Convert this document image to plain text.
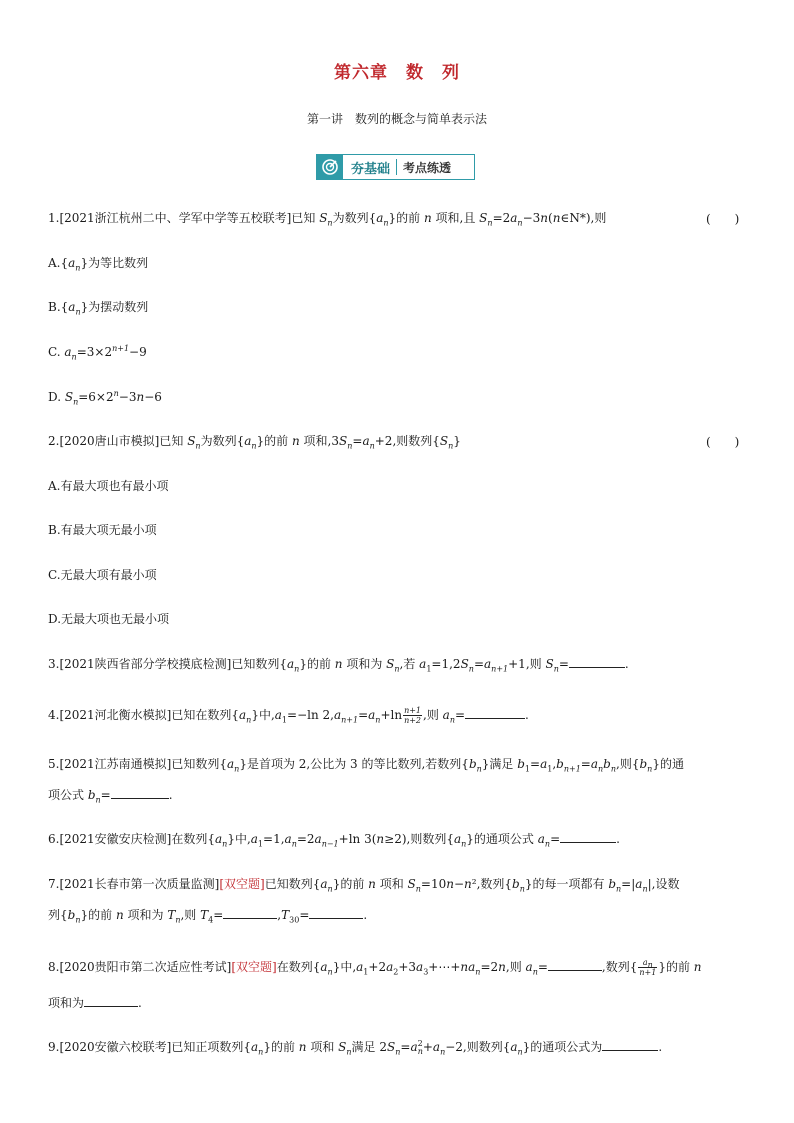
第六章　数　列
第一讲　数列的概念与简单表示法
夯基础	考点练透
1.[2021浙江杭州二中、学军中学等五校联考]已知 $S_n$为数列$\{a_n\}$的前 n 项和,且 $S_n=2a_n-3n(n\in N*)$,则	(　　)
$A.\{a_n\}$为等比数列
$B.\{a_n\}$为摆动数列
C. $a_n=3\times 2^{n+1}-9$
D. $S_n=6\times 2^n-3n-6$
2.[2020唐山市模拟]已知 $S_n$为数列$\{a_n\}$的前 n 项和$,3S_n=a_n+2$,则数列$\{S_n\}$	(　　)
A.有最大项也有最小项
B.有最大项无最小项
C.无最大项有最小项
D.无最大项也无最小项
3.[2021陕西省部分学校摸底检测]已知数列$\{a_n\}$的前 n 项和为 $S_n$,若 $a_1=1,2S_n=a_{n+1}+1$,则 $S_n=$	.
4.[2021河北衡水模拟]已知在数列$\{a_n\}$中$,a_1=-\ln$ $2,a_{n+1}=a_n+\ln \frac{n+1}{n+2}$ ,则 $a_n=$	.
5.[2021江苏南通模拟]已知数列$\{a_n\}$是首项为 2,公比为 3 的等比数列,若数列$\{b_n\}$满足 $b_1=a_1,b_{n+1}=a_nb_n$,则$\{b_n\}$的通
项公式 $b_n=$	.
6.[2021安徽安庆检测]在数列$\{a_n\}$中$,a_1=1,a_n=2a_{n-1}+\ln$ 3(n≥2),则数列$\{a_n\}$的通项公式 $a_n=$	.
7.[2021长春市第一次质量监测][双空题]已知数列$\{a_n\}$的前 n 项和 $S_n=10n-n^2$,数列$\{b_n\}$的每一项都有 $b_n=|a_n|$,设数
列$\{b_n\}$的前 n 项和为 $T_n$,则 $T_4=$	$,T_{30}=$	.
8.[2020贵阳市第二次适应性考试][双空题]在数列$\{a_n\}$中$,a_1+2a_2+3a_3+\cdots+na_n=2n$,则 $a_n=$	,数列{ $\frac{a_n}{n+1}$ }的前 n
项和为	.
9.[2020安徽六校联考]已知正项数列$\{a_n\}$的前 n 项和 $S_n$满足 $2S_n=a^2_n+a_n-2$,则数列$\{a_n\}$的通项公式为	.
